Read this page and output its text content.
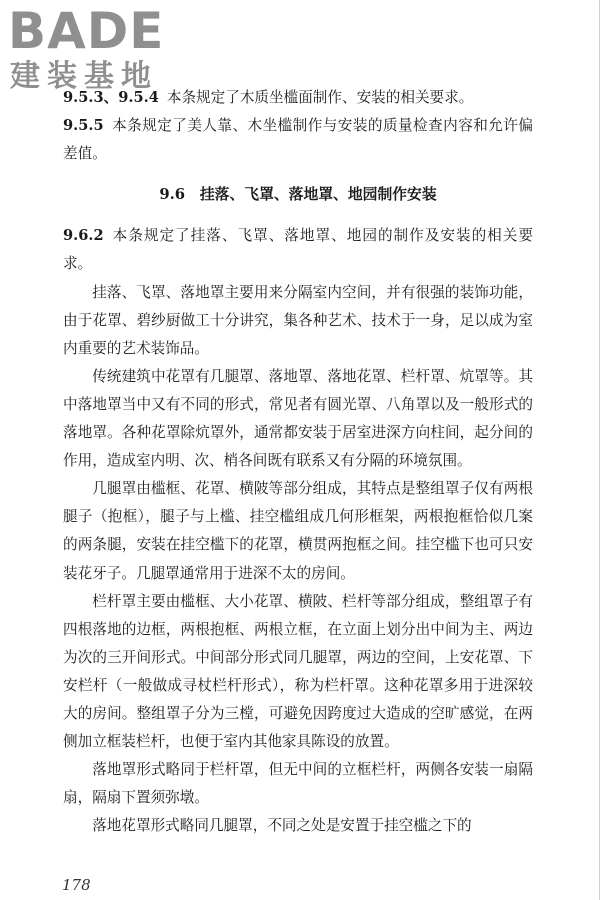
BADE
建装基地

9.5.3、9.5.4 本条规定了木质坐槛面制作、安装的相关要求。

9.5.5 本条规定了美人靠、木坐槛制作与安装的质量检查内容和允许偏差值。

9.6　挂落、飞罩、落地罩、地园制作安装

9.6.2 本条规定了挂落、飞罩、落地罩、地园的制作及安装的相关要求。

挂落、飞罩、落地罩主要用来分隔室内空间，并有很强的装饰功能，由于花罩、碧纱厨做工十分讲究，集各种艺术、技术于一身，足以成为室内重要的艺术装饰品。

传统建筑中花罩有几腿罩、落地罩、落地花罩、栏杆罩、炕罩等。其中落地罩当中又有不同的形式，常见者有圆光罩、八角罩以及一般形式的落地罩。各种花罩除炕罩外，通常都安装于居室进深方向柱间，起分间的作用，造成室内明、次、梢各间既有联系又有分隔的环境氛围。

几腿罩由槛框、花罩、横陂等部分组成，其特点是整组罩子仅有两根腿子（抱框），腿子与上槛、挂空槛组成几何形框架，两根抱框恰似几案的两条腿，安装在挂空槛下的花罩，横贯两抱框之间。挂空槛下也可只安装花牙子。几腿罩通常用于进深不太的房间。

栏杆罩主要由槛框、大小花罩、横陂、栏杆等部分组成，整组罩子有四根落地的边框，两根抱框、两根立框，在立面上划分出中间为主、两边为次的三开间形式。中间部分形式同几腿罩，两边的空间，上安花罩、下安栏杆（一般做成寻杖栏杆形式），称为栏杆罩。这种花罩多用于进深较大的房间。整组罩子分为三樘，可避免因跨度过大造成的空旷感觉，在两侧加立框装栏杆，也便于室内其他家具陈设的放置。

落地罩形式略同于栏杆罩，但无中间的立框栏杆，两侧各安装一扇隔扇，隔扇下置须弥墩。

落地花罩形式略同几腿罩，不同之处是安置于挂空槛之下的

178
